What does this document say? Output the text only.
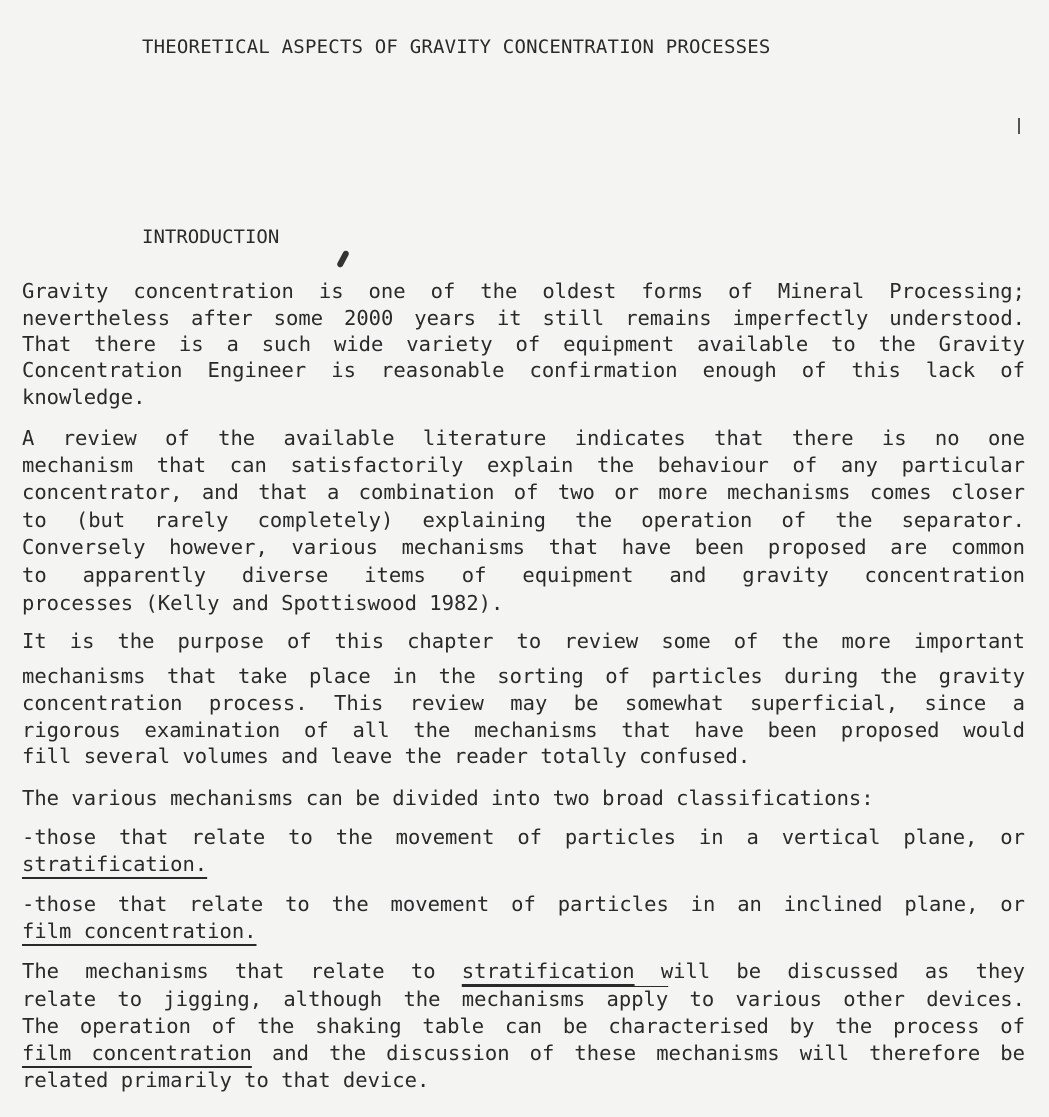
THEORETICAL ASPECTS OF GRAVITY CONCENTRATION PROCESSES
INTRODUCTION
Gravity concentration is one of the oldest forms of Mineral Processing;
nevertheless after some 2000 years it still remains imperfectly understood.
That there is a such wide variety of equipment available to the Gravity
Concentration Engineer is reasonable confirmation enough of this lack of
knowledge.
A review of the available literature indicates that there is no one
mechanism that can satisfactorily explain the behaviour of any particular
concentrator, and that a combination of two or more mechanisms comes closer
to (but rarely completely) explaining the operation of the separator.
Conversely however, various mechanisms that have been proposed are common
to apparently diverse items of equipment and gravity concentration
processes (Kelly and Spottiswood 1982).
It is the purpose of this chapter to review some of the more important
mechanisms that take place in the sorting of particles during the gravity
concentration process. This review may be somewhat superficial, since a
rigorous examination of all the mechanisms that have been proposed would
fill several volumes and leave the reader totally confused.
The various mechanisms can be divided into two broad classifications:
-those that relate to the movement of particles in a vertical plane, or
stratification.
-those that relate to the movement of particles in an inclined plane, or
film concentration.
The mechanisms that relate to stratification will be discussed as they
relate to jigging, although the mechanisms apply to various other devices.
The operation of the shaking table can be characterised by the process of
film concentration and the discussion of these mechanisms will therefore be
related primarily to that device.
